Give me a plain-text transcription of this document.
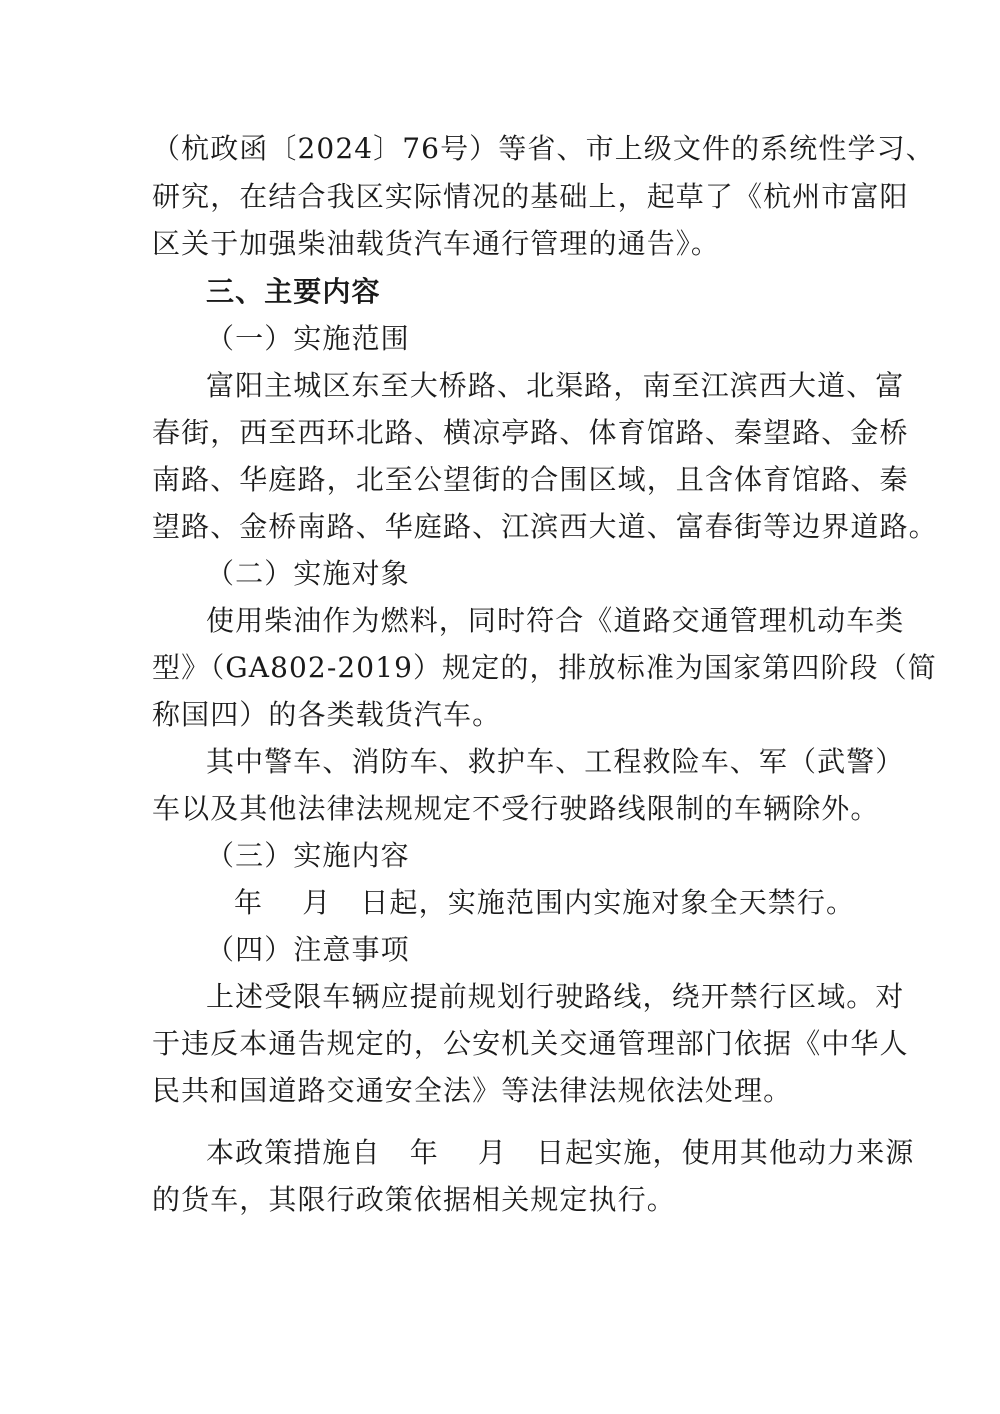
（杭政函〔2024〕76号）等省、市上级文件的系统性学习、
研究，在结合我区实际情况的基础上，起草了《杭州市富阳
区关于加强柴油载货汽车通行管理的通告》。
三、主要内容
（一）实施范围
富阳主城区东至大桥路、北渠路，南至江滨西大道、富
春街，西至西环北路、横凉亭路、体育馆路、秦望路、金桥
南路、华庭路，北至公望街的合围区域，且含体育馆路、秦
望路、金桥南路、华庭路、江滨西大道、富春街等边界道路。
（二）实施对象
使用柴油作为燃料，同时符合《道路交通管理机动车类
型》（GA802-2019）规定的，排放标准为国家第四阶段（简
称国四）的各类载货汽车。
其中警车、消防车、救护车、工程救险车、军（武警）
车以及其他法律法规规定不受行驶路线限制的车辆除外。
（三）实施内容
年　 月　日起，实施范围内实施对象全天禁行。
（四）注意事项
上述受限车辆应提前规划行驶路线，绕开禁行区域。对
于违反本通告规定的，公安机关交通管理部门依据《中华人
民共和国道路交通安全法》等法律法规依法处理。
本政策措施自　年　 月　日起实施，使用其他动力来源
的货车，其限行政策依据相关规定执行。
